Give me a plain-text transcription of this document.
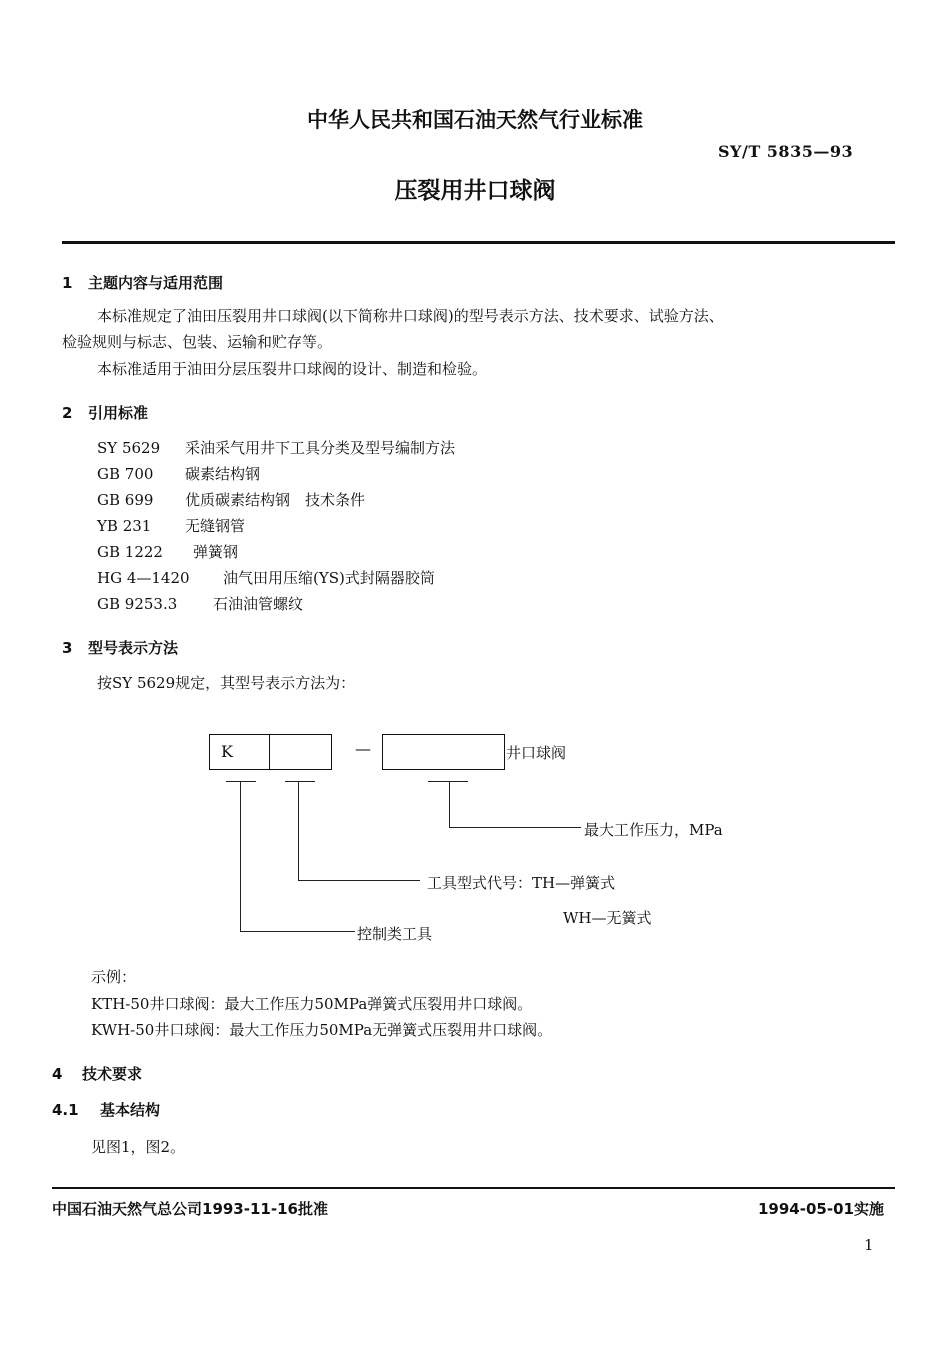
中华人民共和国石油天然气行业标准
SY/T 5835—93
压裂用井口球阀
1 主题内容与适用范围
本标准规定了油田压裂用井口球阀(以下简称井口球阀)的型号表示方法、技术要求、试验方法、
检验规则与标志、包装、运输和贮存等。
本标准适用于油田分层压裂井口球阀的设计、制造和检验。
2 引用标准
SY 5629 采油采气用井下工具分类及型号编制方法
GB 700 碳素结构钢
GB 699 优质碳素结构钢　技术条件
YB 231 无缝钢管
GB 1222 弹簧钢
HG 4—1420 油气田用压缩(YS)式封隔器胶筒
GB 9253.3 石油油管螺纹
3 型号表示方法
按SY 5629规定，其型号表示方法为：
K	—	井口球阀
最大工作压力，MPa
工具型式代号：TH—弹簧式
WH—无簧式
控制类工具
示例：
KTH-50井口球阀：最大工作压力50MPa弹簧式压裂用井口球阀。
KWH-50井口球阀：最大工作压力50MPa无弹簧式压裂用井口球阀。
4 技术要求
4.1 基本结构
见图1，图2。
中国石油天然气总公司1993-11-16批准	1994-05-01实施
1
